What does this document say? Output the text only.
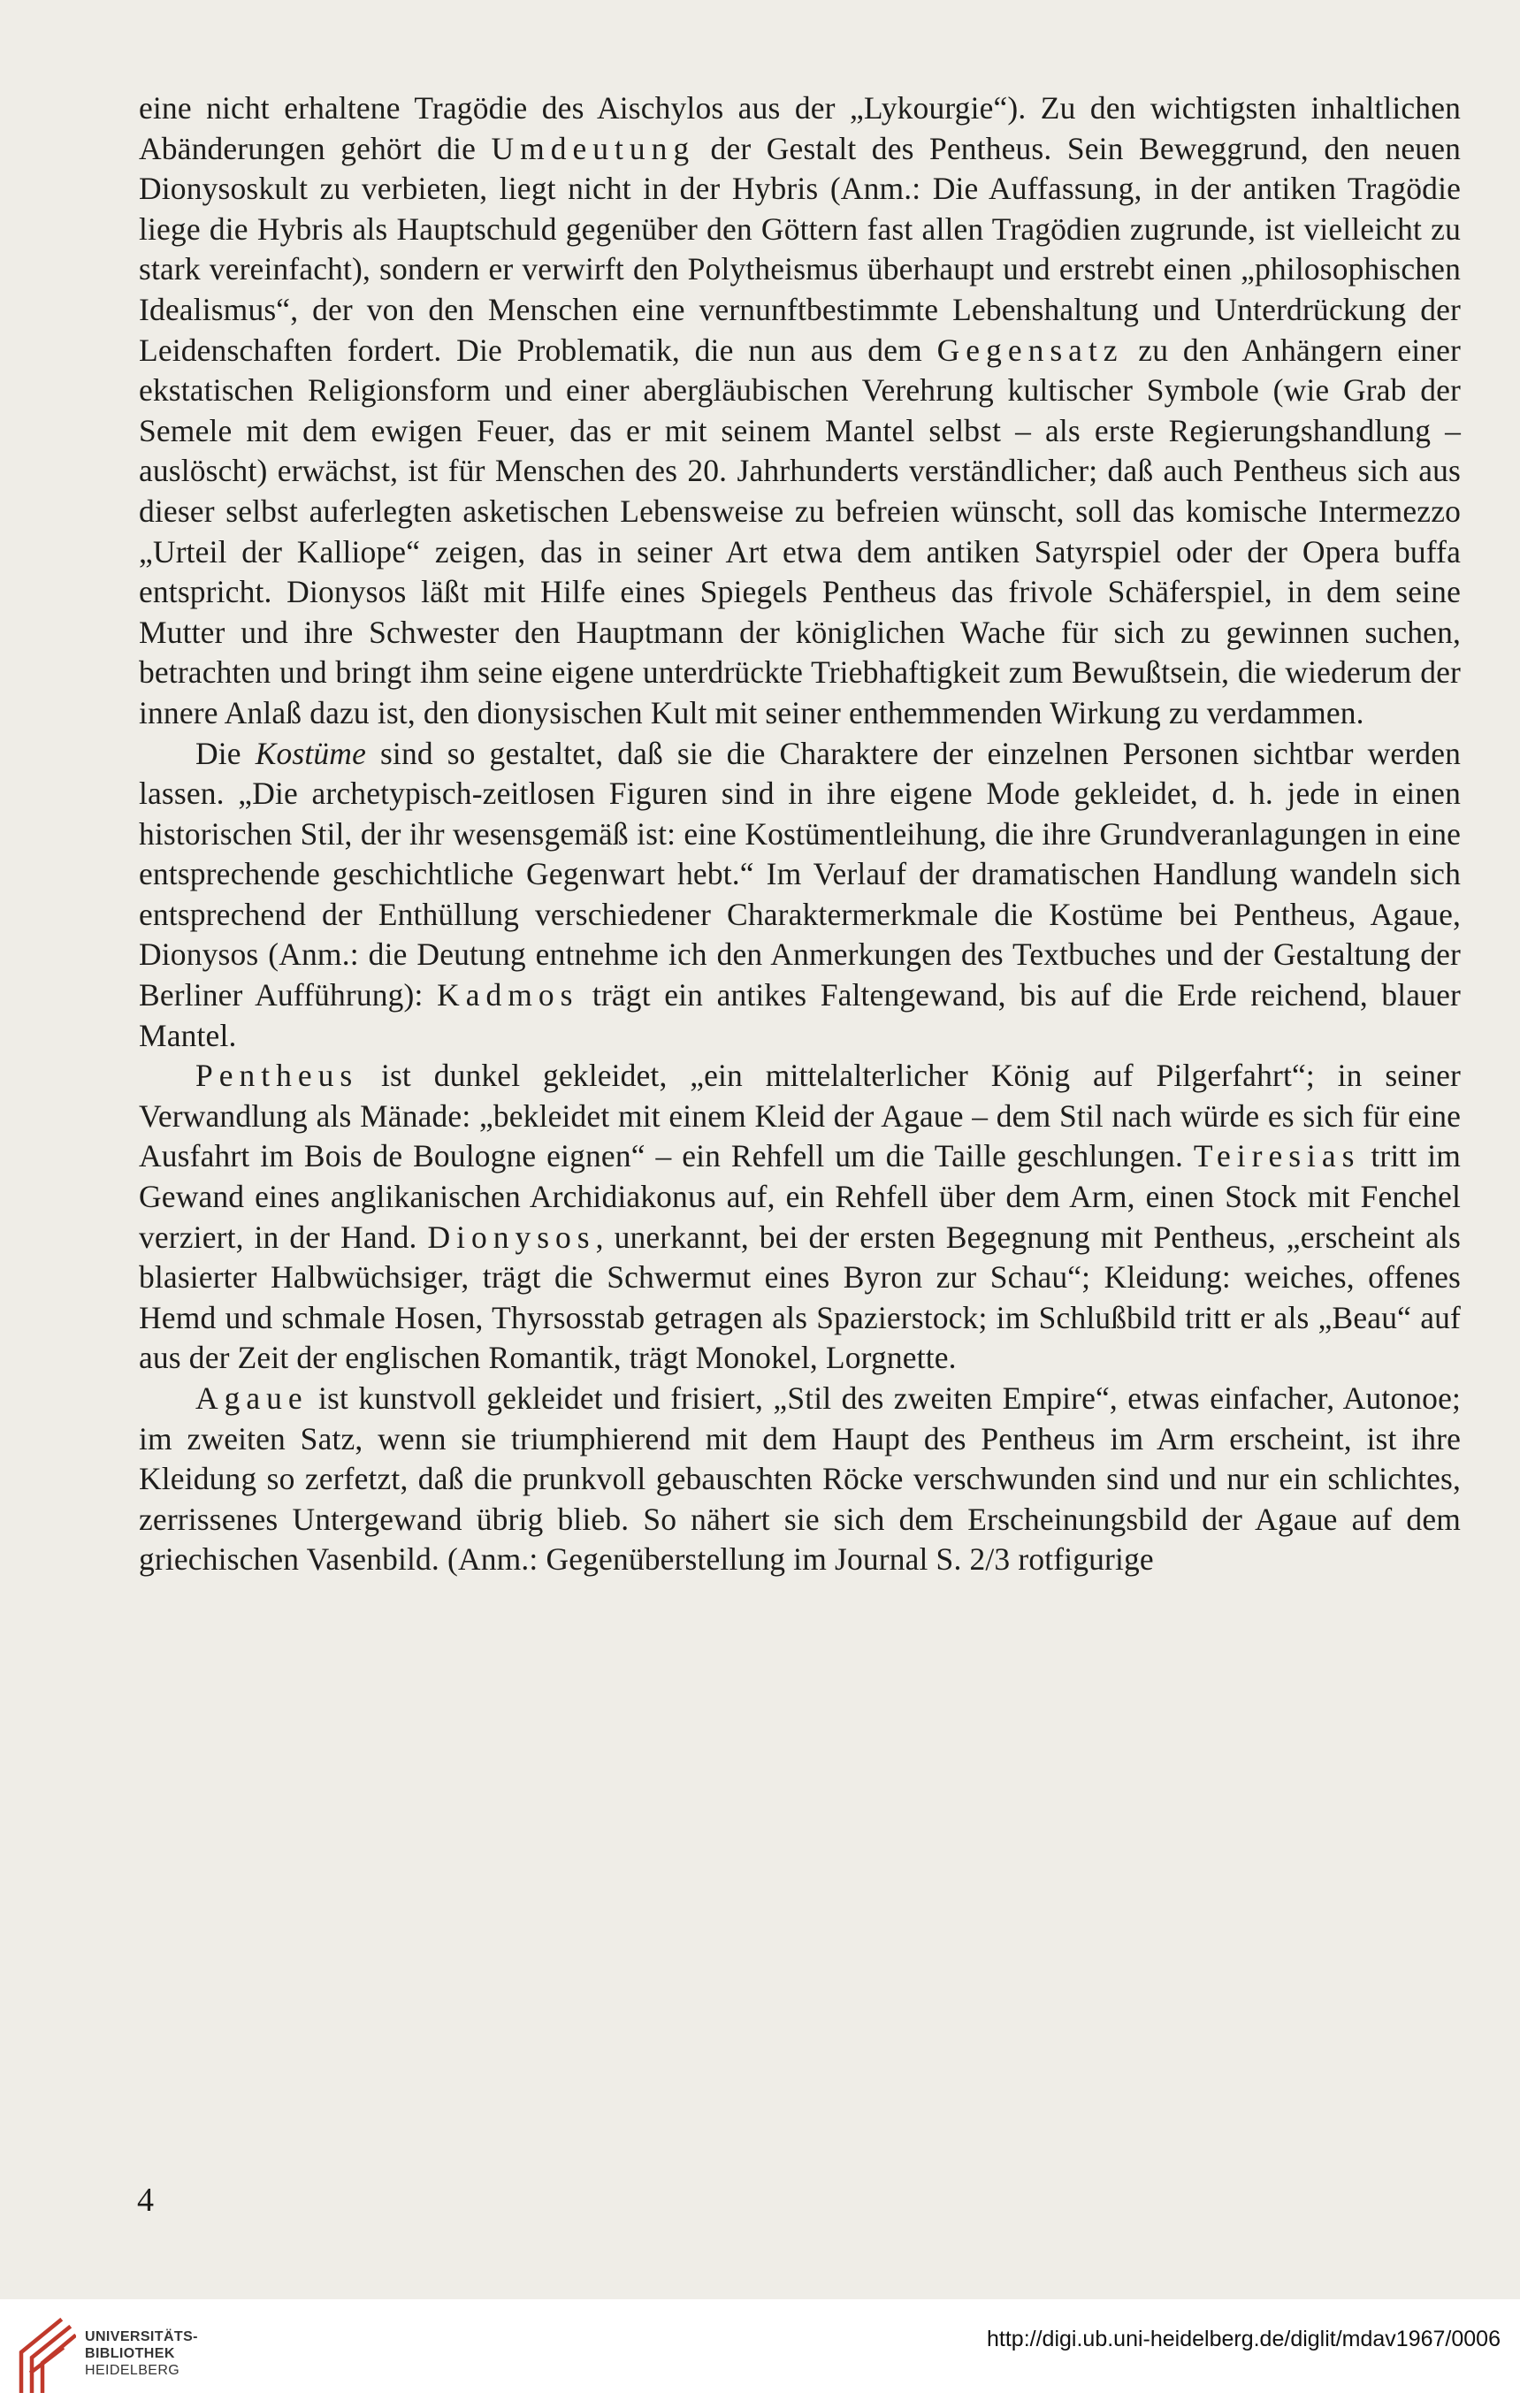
eine nicht erhaltene Tragödie des Aischylos aus der „Lykourgie“). Zu den wichtigsten inhaltlichen Abänderungen gehört die Umdeutung der Gestalt des Pentheus. Sein Beweggrund, den neuen Dionysoskult zu verbieten, liegt nicht in der Hybris (Anm.: Die Auffassung, in der antiken Tragödie liege die Hybris als Hauptschuld gegenüber den Göttern fast allen Tragödien zugrunde, ist vielleicht zu stark vereinfacht), sondern er verwirft den Polytheismus überhaupt und erstrebt einen „philosophischen Idealismus“, der von den Menschen eine vernunftbestimmte Lebenshaltung und Unterdrückung der Leidenschaften fordert. Die Problematik, die nun aus dem Gegensatz zu den Anhängern einer ekstatischen Religionsform und einer abergläubischen Verehrung kultischer Symbole (wie Grab der Semele mit dem ewigen Feuer, das er mit seinem Mantel selbst – als erste Regierungshandlung – auslöscht) erwächst, ist für Menschen des 20. Jahrhunderts verständlicher; daß auch Pentheus sich aus dieser selbst auferlegten asketischen Lebensweise zu befreien wünscht, soll das komische Intermezzo „Urteil der Kalliope“ zeigen, das in seiner Art etwa dem antiken Satyrspiel oder der Opera buffa entspricht. Dionysos läßt mit Hilfe eines Spiegels Pentheus das frivole Schäferspiel, in dem seine Mutter und ihre Schwester den Hauptmann der königlichen Wache für sich zu gewinnen suchen, betrachten und bringt ihm seine eigene unterdrückte Triebhaftigkeit zum Bewußtsein, die wiederum der innere Anlaß dazu ist, den dionysischen Kult mit seiner enthemmenden Wirkung zu verdammen.

Die Kostüme sind so gestaltet, daß sie die Charaktere der einzelnen Personen sichtbar werden lassen. „Die archetypisch-zeitlosen Figuren sind in ihre eigene Mode gekleidet, d. h. jede in einen historischen Stil, der ihr wesensgemäß ist: eine Kostümentleihung, die ihre Grundveranlagungen in eine entsprechende geschichtliche Gegenwart hebt.“ Im Verlauf der dramatischen Handlung wandeln sich entsprechend der Enthüllung verschiedener Charaktermerkmale die Kostüme bei Pentheus, Agaue, Dionysos (Anm.: die Deutung entnehme ich den Anmerkungen des Textbuches und der Gestaltung der Berliner Aufführung): Kadmos trägt ein antikes Faltengewand, bis auf die Erde reichend, blauer Mantel.

Pentheus ist dunkel gekleidet, „ein mittelalterlicher König auf Pilgerfahrt“; in seiner Verwandlung als Mänade: „bekleidet mit einem Kleid der Agaue – dem Stil nach würde es sich für eine Ausfahrt im Bois de Boulogne eignen“ – ein Rehfell um die Taille geschlungen. Teiresias tritt im Gewand eines anglikanischen Archidiakonus auf, ein Rehfell über dem Arm, einen Stock mit Fenchel verziert, in der Hand. Dionysos, unerkannt, bei der ersten Begegnung mit Pentheus, „erscheint als blasierter Halbwüchsiger, trägt die Schwermut eines Byron zur Schau“; Kleidung: weiches, offenes Hemd und schmale Hosen, Thyrsosstab getragen als Spazierstock; im Schlußbild tritt er als „Beau“ auf aus der Zeit der englischen Romantik, trägt Monokel, Lorgnette.

Agaue ist kunstvoll gekleidet und frisiert, „Stil des zweiten Empire“, etwas einfacher, Autonoe; im zweiten Satz, wenn sie triumphierend mit dem Haupt des Pentheus im Arm erscheint, ist ihre Kleidung so zerfetzt, daß die prunkvoll gebauschten Röcke verschwunden sind und nur ein schlichtes, zerrissenes Untergewand übrig blieb. So nähert sie sich dem Erscheinungsbild der Agaue auf dem griechischen Vasenbild. (Anm.: Gegenüberstellung im Journal S. 2/3 rotfigurige

4
UNIVERSITÄTS-
BIBLIOTHEK
HEIDELBERG
http://digi.ub.uni-heidelberg.de/diglit/mdav1967/0006
